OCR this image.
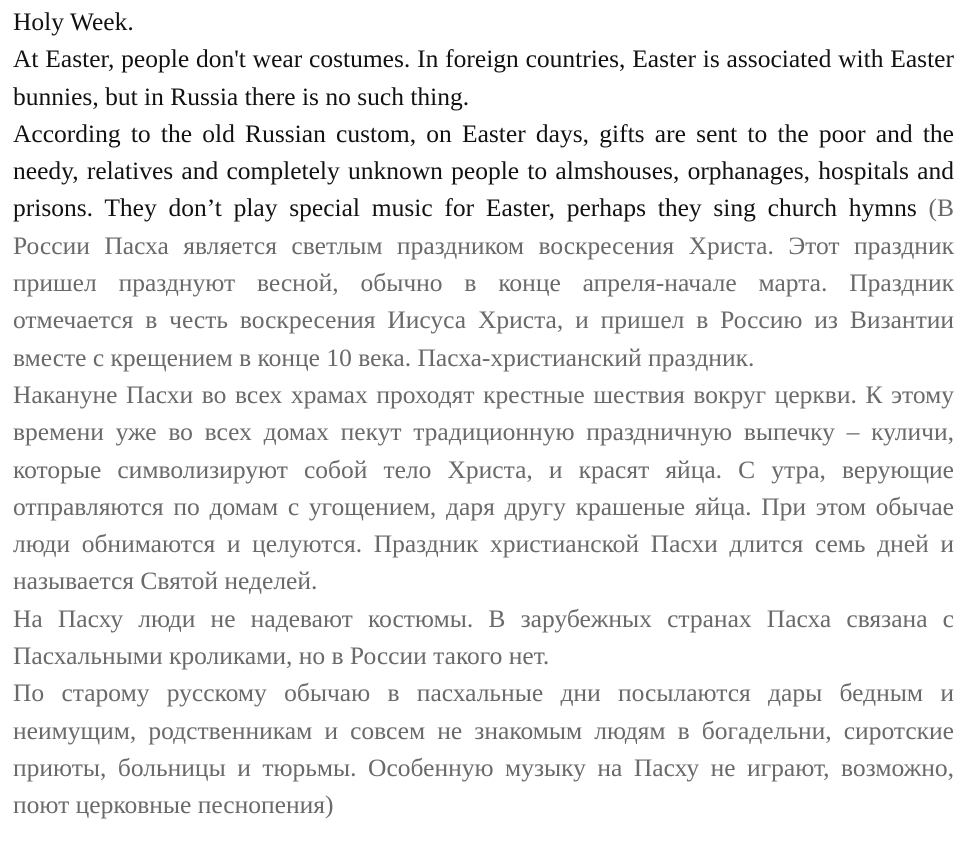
Holy Week.

At Easter, people don't wear costumes. In foreign countries, Easter is associated with Easter bunnies, but in Russia there is no such thing.

According to the old Russian custom, on Easter days, gifts are sent to the poor and the needy, relatives and completely unknown people to almshouses, orphanages, hospitals and prisons. They don’t play special music for Easter, perhaps they sing church hymns (В России Пасха является светлым праздником воскресения Христа. Этот праздник пришел празднуют весной, обычно в конце апреля-начале марта. Праздник отмечается в честь воскресения Иисуса Христа, и пришел в Россию из Византии вместе с крещением в конце 10 века. Пасха-христианский праздник.

Накануне Пасхи во всех храмах проходят крестные шествия вокруг церкви. К этому времени уже во всех домах пекут традиционную праздничную выпечку – куличи, которые символизируют собой тело Христа, и красят яйца. С утра, верующие отправляются по домам с угощением, даря другу крашеные яйца. При этом обычае люди обнимаются и целуются. Праздник христианской Пасхи длится семь дней и называется Святой неделей.

На Пасху люди не надевают костюмы. В зарубежных странах Пасха связана с Пасхальными кроликами, но в России такого нет.

По старому русскому обычаю в пасхальные дни посылаются дары бедным и неимущим, родственникам и совсем не знакомым людям в богадельни, сиротские приюты, больницы и тюрьмы. Особенную музыку на Пасху не играют, возможно, поют церковные песнопения)
